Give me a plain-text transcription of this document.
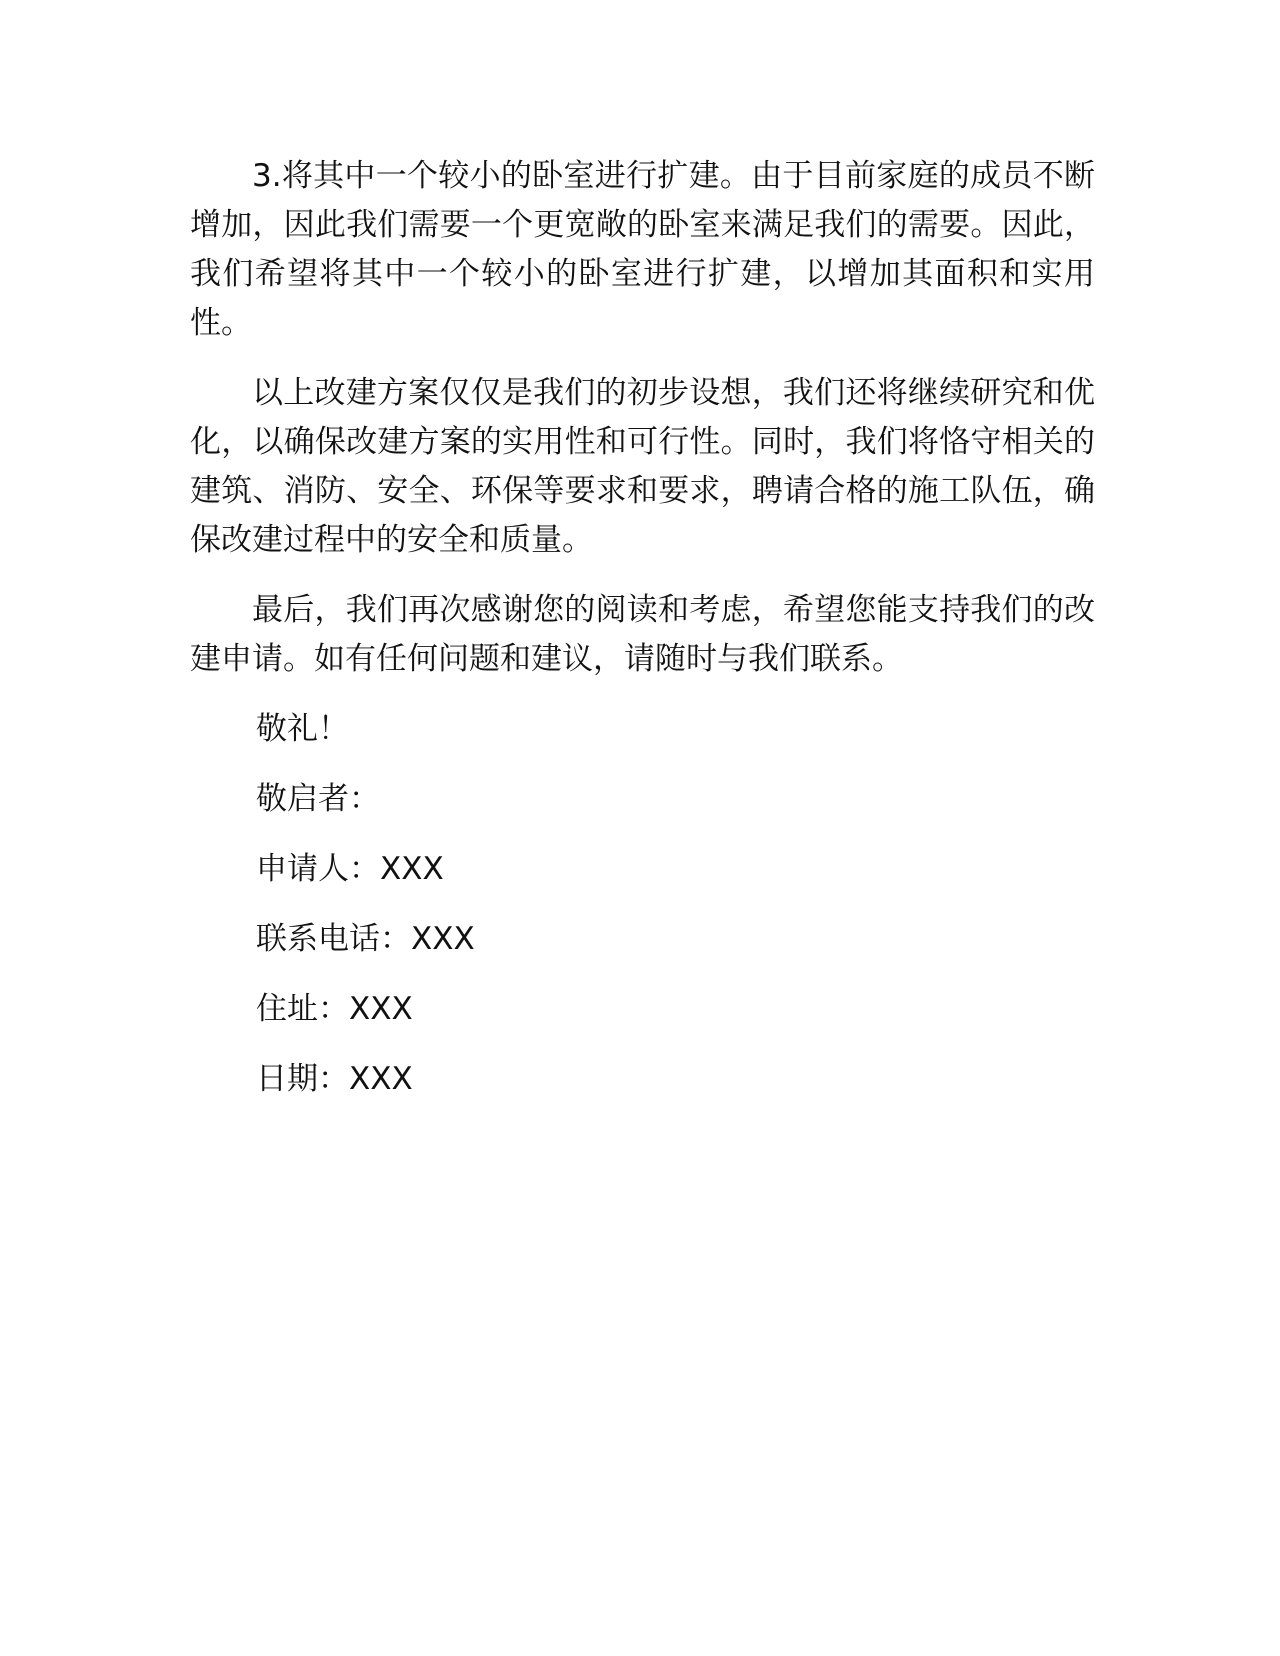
3.将其中一个较小的卧室进行扩建。由于目前家庭的成员不断增加，因此我们需要一个更宽敞的卧室来满足我们的需要。因此，我们希望将其中一个较小的卧室进行扩建，以增加其面积和实用性。

以上改建方案仅仅是我们的初步设想，我们还将继续研究和优化，以确保改建方案的实用性和可行性。同时，我们将恪守相关的建筑、消防、安全、环保等要求和要求，聘请合格的施工队伍，确保改建过程中的安全和质量。

最后，我们再次感谢您的阅读和考虑，希望您能支持我们的改建申请。如有任何问题和建议，请随时与我们联系。

敬礼！

敬启者：

申请人：XXX

联系电话：XXX

住址：XXX

日期：XXX
